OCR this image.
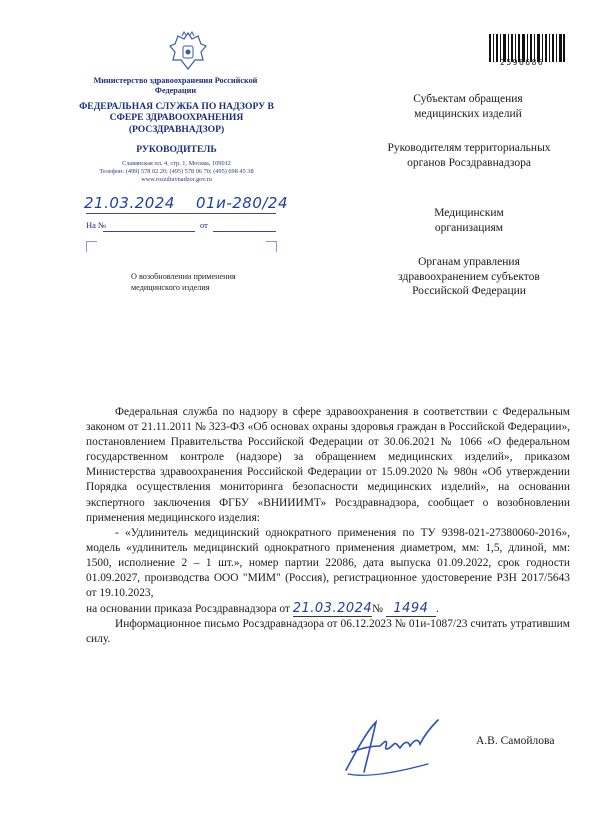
Министерство здравоохранения Российской Федерации
ФЕДЕРАЛЬНАЯ СЛУЖБА ПО НАДЗОРУ В СФЕРЕ ЗДРАВООХРАНЕНИЯ (РОСЗДРАВНАДЗОР)
РУКОВОДИТЕЛЬ
Славянская пл. 4, стр. 1, Москва, 109012
Телефон: (499) 578 02 20; (495) 578 06 70; (495) 698 45 38
www.roszdravnadzor.gov.ru
21.03.2024 01и-280/24
На №	от
О возобновлении применения медицинского изделия
2596686
Субъектам обращения медицинских изделий
Руководителям территориальных органов Росздравнадзора
Медицинским организациям
Органам управления здравоохранением субъектов Российской Федерации

Федеральная служба по надзору в сфере здравоохранения в соответствии с Федеральным законом от 21.11.2011 № 323-ФЗ «Об основах охраны здоровья граждан в Российской Федерации», постановлением Правительства Российской Федерации от 30.06.2021 № 1066 «О федеральном государственном контроле (надзоре) за обращением медицинских изделий», приказом Министерства здравоохранения Российской Федерации от 15.09.2020 № 980н «Об утверждении Порядка осуществления мониторинга безопасности медицинских изделий», на основании экспертного заключения ФГБУ «ВНИИИМТ» Росздравнадзора, сообщает о возобновлении применения медицинского изделия:

- «Удлинитель медицинский однократного применения по ТУ 9398-021-27380060-2016», модель «удлинитель медицинский однократного применения диаметром, мм: 1,5, длиной, мм: 1500, исполнение 2 – 1 шт.», номер партии 22086, дата выпуска 01.09.2022, срок годности 01.09.2027, производства ООО "МИМ" (Россия), регистрационное удостоверение РЗН 2017/5643 от 19.10.2023,

на основании приказа Росздравнадзора от 21.03.2024№ 1494 .

Информационное письмо Росздравнадзора от 06.12.2023 № 01и-1087/23 считать утратившим силу.

А.В. Самойлова
